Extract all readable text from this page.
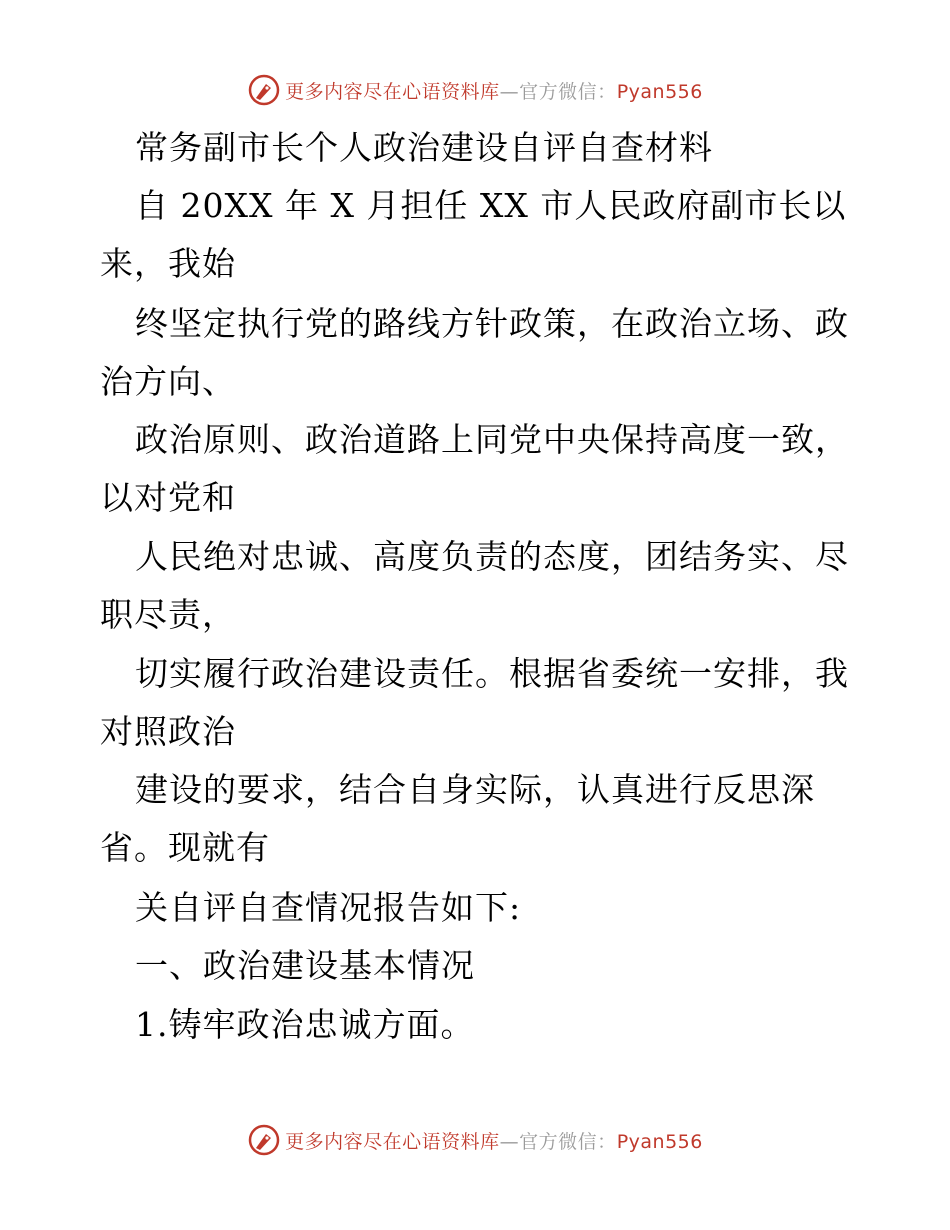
更多内容尽在心语资料库—官方微信：Pyan556
常务副市长个人政治建设自评自查材料
自 20XX 年 X 月担任 XX 市人民政府副市长以
来，我始
终坚定执行党的路线方针政策，在政治立场、政
治方向、
政治原则、政治道路上同党中央保持高度一致，
以对党和
人民绝对忠诚、高度负责的态度，团结务实、尽
职尽责，
切实履行政治建设责任。根据省委统一安排，我
对照政治
建设的要求，结合自身实际，认真进行反思深
省。现就有
关自评自查情况报告如下:
一、政治建设基本情况
1.铸牢政治忠诚方面。
更多内容尽在心语资料库—官方微信：Pyan556
